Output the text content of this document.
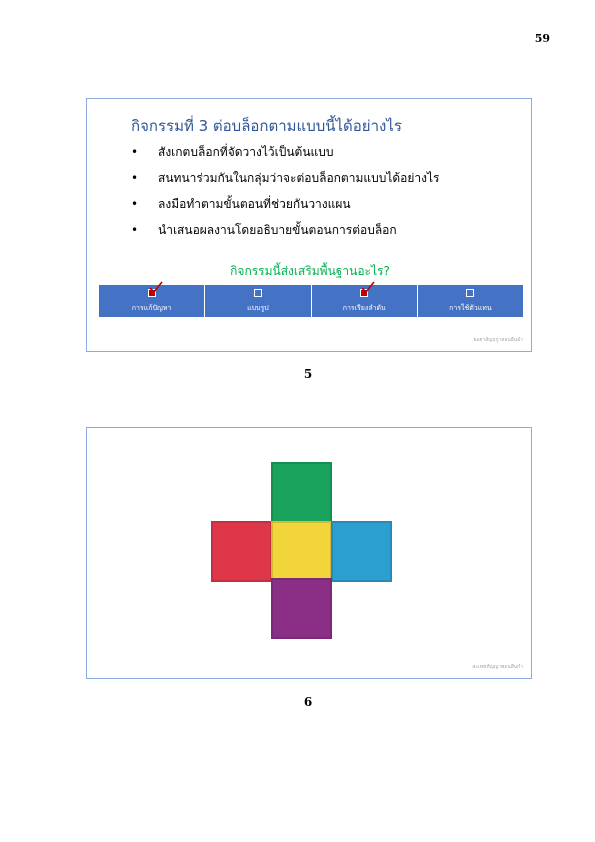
59
กิจกรรมที่ 3 ต่อบล็อกตามแบบนี้ได้อย่างไร
•	สังเกตบล็อกที่จัดวางไว้เป็นต้นแบบ
•	สนทนาร่วมกันในกลุ่มว่าจะต่อบล็อกตามแบบได้อย่างไร
•	ลงมือทำตามขั้นตอนที่ช่วยกันวางแผน
•	นำเสนอผลงานโดยอธิบายขั้นตอนการต่อบล็อก
กิจกรรมนี้ส่งเสริมพื้นฐานอะไร?
การแก้ปัญหา	แบบรูป	การเรียงลำดับ	การใช้ตัวแทน
ยอยาสัญฤกูาสอนอีนอำ
5
สะเทพหัญญาพอนสีนกำ
6
